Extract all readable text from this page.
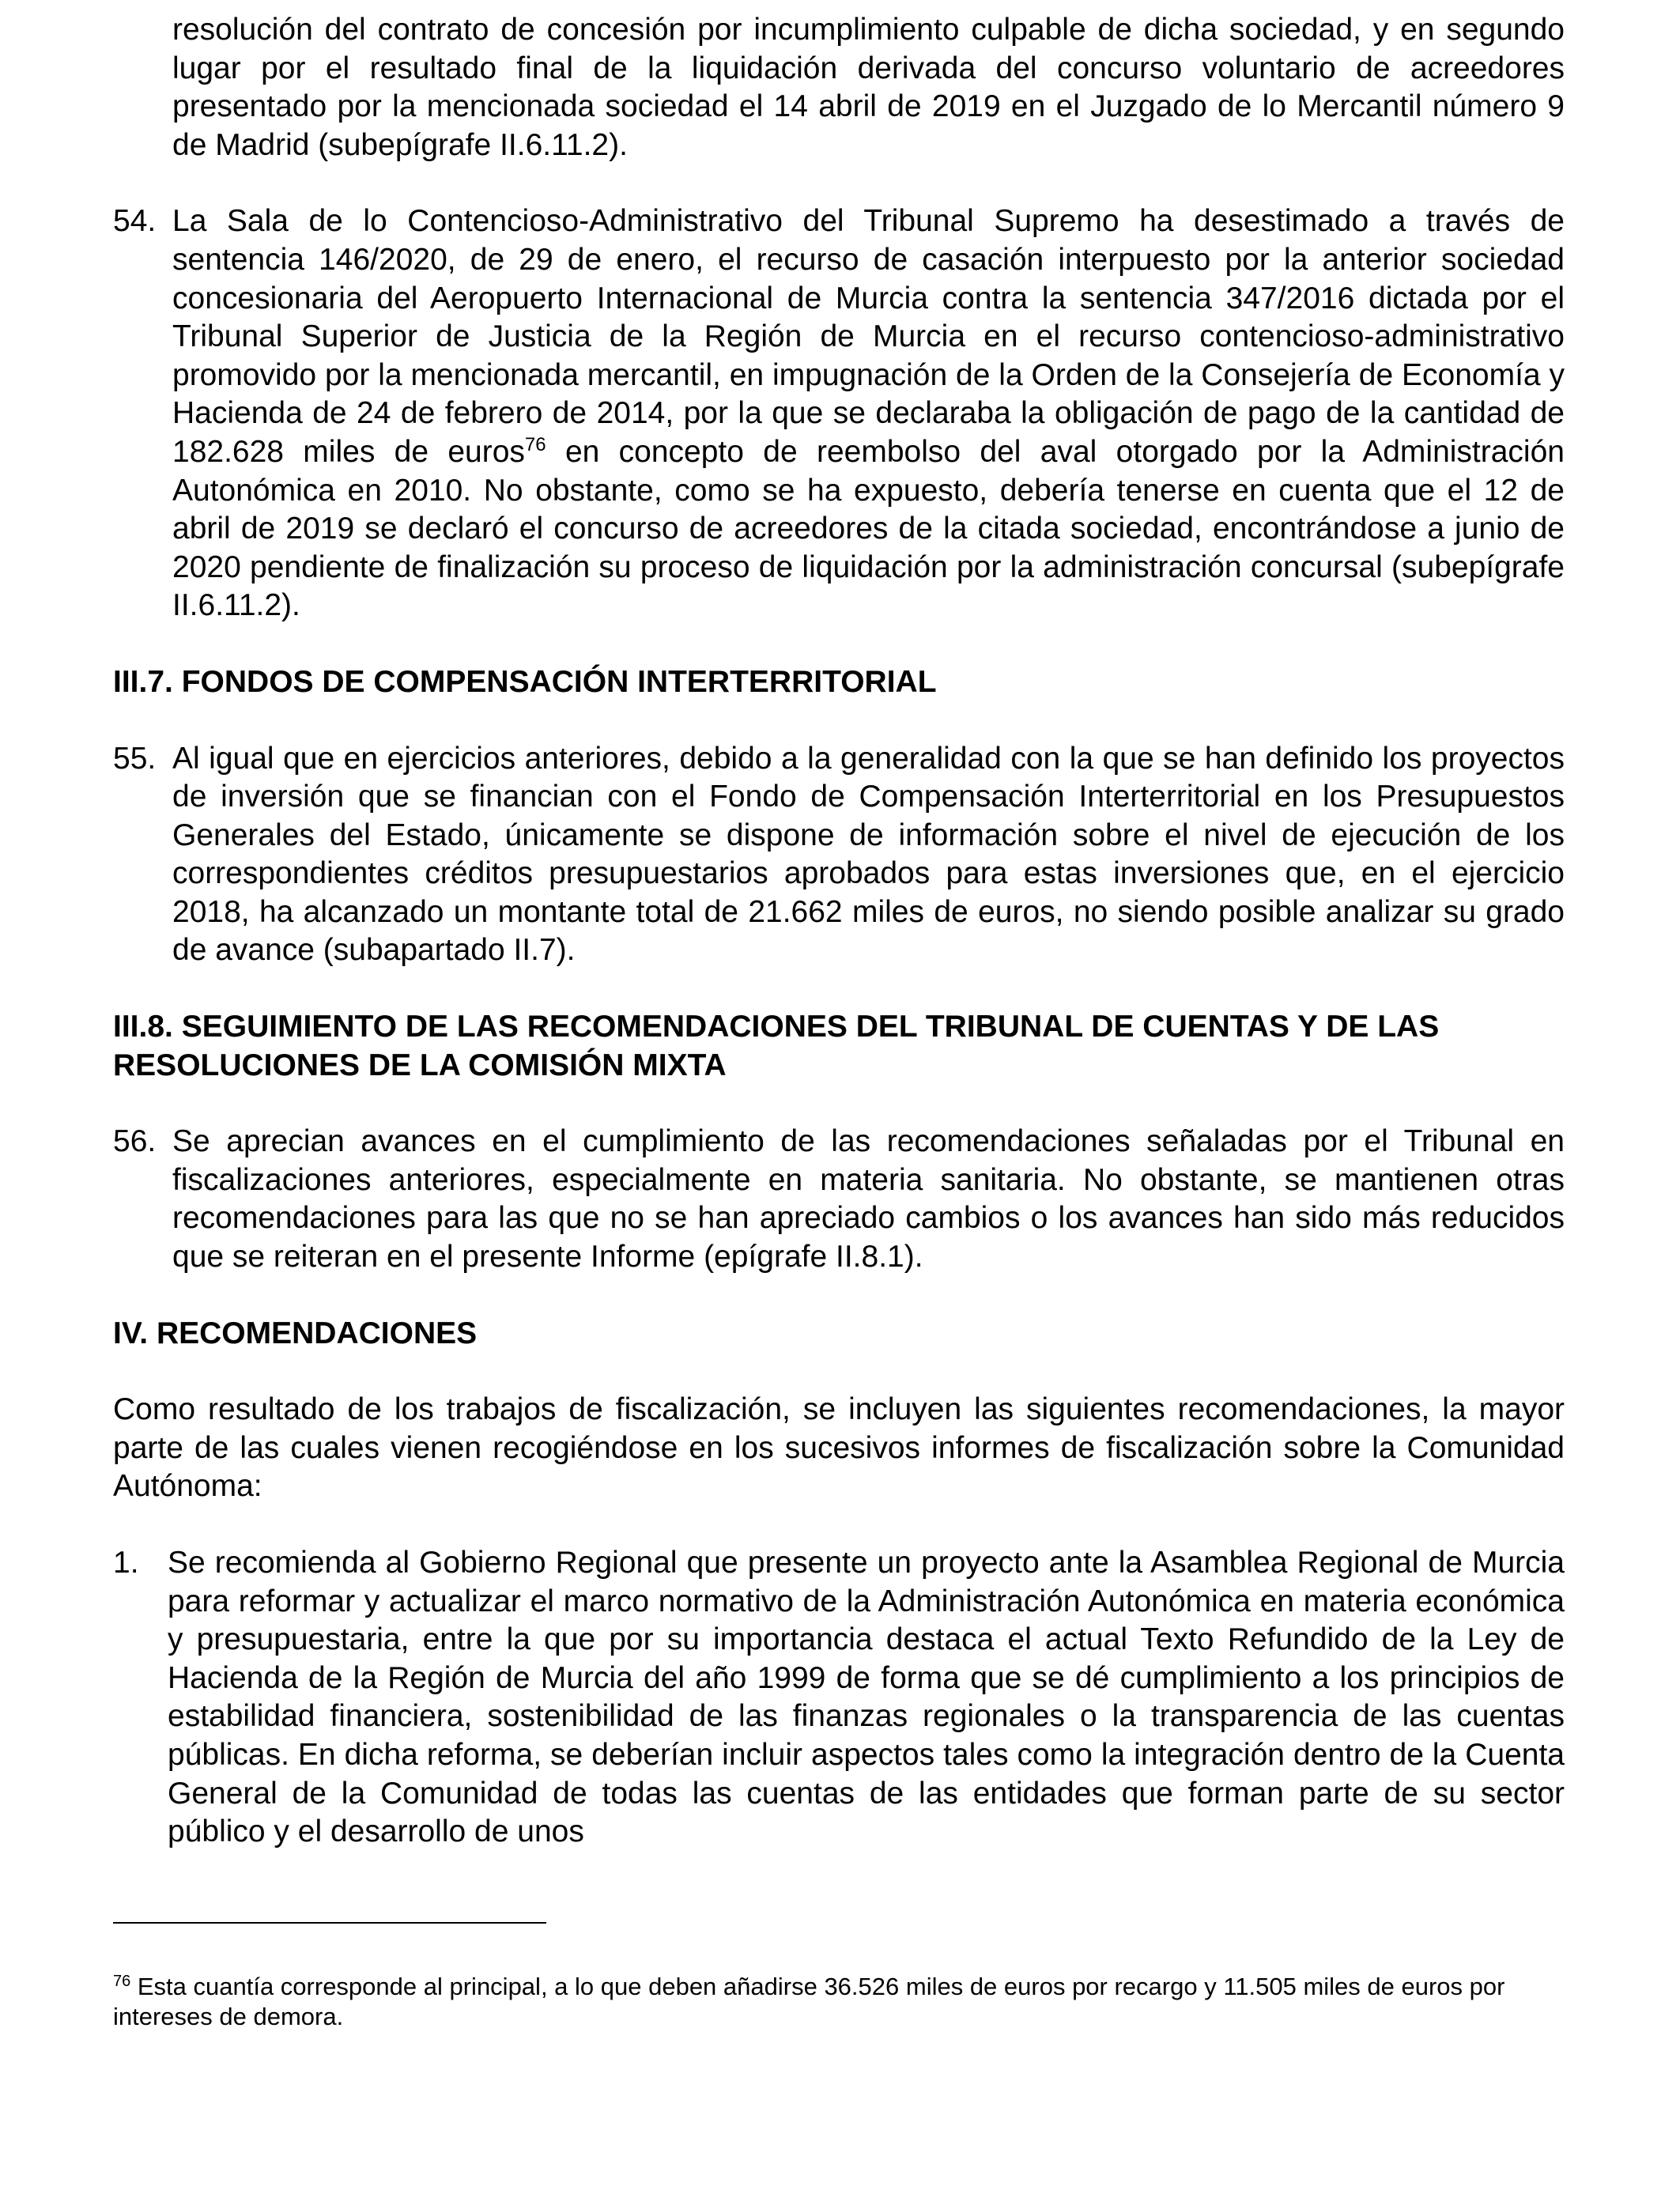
resolución del contrato de concesión por incumplimiento culpable de dicha sociedad, y en segundo lugar por el resultado final de la liquidación derivada del concurso voluntario de acreedores presentado por la mencionada sociedad el 14 abril de 2019 en el Juzgado de lo Mercantil número 9 de Madrid (subepígrafe II.6.11.2).

54. La Sala de lo Contencioso-Administrativo del Tribunal Supremo ha desestimado a través de sentencia 146/2020, de 29 de enero, el recurso de casación interpuesto por la anterior sociedad concesionaria del Aeropuerto Internacional de Murcia contra la sentencia 347/2016 dictada por el Tribunal Superior de Justicia de la Región de Murcia en el recurso contencioso-administrativo promovido por la mencionada mercantil, en impugnación de la Orden de la Consejería de Economía y Hacienda de 24 de febrero de 2014, por la que se declaraba la obligación de pago de la cantidad de 182.628 miles de euros$^{76}$ en concepto de reembolso del aval otorgado por la Administración Autonómica en 2010. No obstante, como se ha expuesto, debería tenerse en cuenta que el 12 de abril de 2019 se declaró el concurso de acreedores de la citada sociedad, encontrándose a junio de 2020 pendiente de finalización su proceso de liquidación por la administración concursal (subepígrafe II.6.11.2).
III.7. FONDOS DE COMPENSACIÓN INTERTERRITORIAL
55. Al igual que en ejercicios anteriores, debido a la generalidad con la que se han definido los proyectos de inversión que se financian con el Fondo de Compensación Interterritorial en los Presupuestos Generales del Estado, únicamente se dispone de información sobre el nivel de ejecución de los correspondientes créditos presupuestarios aprobados para estas inversiones que, en el ejercicio 2018, ha alcanzado un montante total de 21.662 miles de euros, no siendo posible analizar su grado de avance (subapartado II.7).
III.8. SEGUIMIENTO DE LAS RECOMENDACIONES DEL TRIBUNAL DE CUENTAS Y DE LAS RESOLUCIONES DE LA COMISIÓN MIXTA
56. Se aprecian avances en el cumplimiento de las recomendaciones señaladas por el Tribunal en fiscalizaciones anteriores, especialmente en materia sanitaria. No obstante, se mantienen otras recomendaciones para las que no se han apreciado cambios o los avances han sido más reducidos que se reiteran en el presente Informe (epígrafe II.8.1).
IV. RECOMENDACIONES

Como resultado de los trabajos de fiscalización, se incluyen las siguientes recomendaciones, la mayor parte de las cuales vienen recogiéndose en los sucesivos informes de fiscalización sobre la Comunidad Autónoma:

1. Se recomienda al Gobierno Regional que presente un proyecto ante la Asamblea Regional de Murcia para reformar y actualizar el marco normativo de la Administración Autonómica en materia económica y presupuestaria, entre la que por su importancia destaca el actual Texto Refundido de la Ley de Hacienda de la Región de Murcia del año 1999 de forma que se dé cumplimiento a los principios de estabilidad financiera, sostenibilidad de las finanzas regionales o la transparencia de las cuentas públicas. En dicha reforma, se deberían incluir aspectos tales como la integración dentro de la Cuenta General de la Comunidad de todas las cuentas de las entidades que forman parte de su sector público y el desarrollo de unos

$^{76}$ Esta cuantía corresponde al principal, a lo que deben añadirse 36.526 miles de euros por recargo y 11.505 miles de euros por intereses de demora.
